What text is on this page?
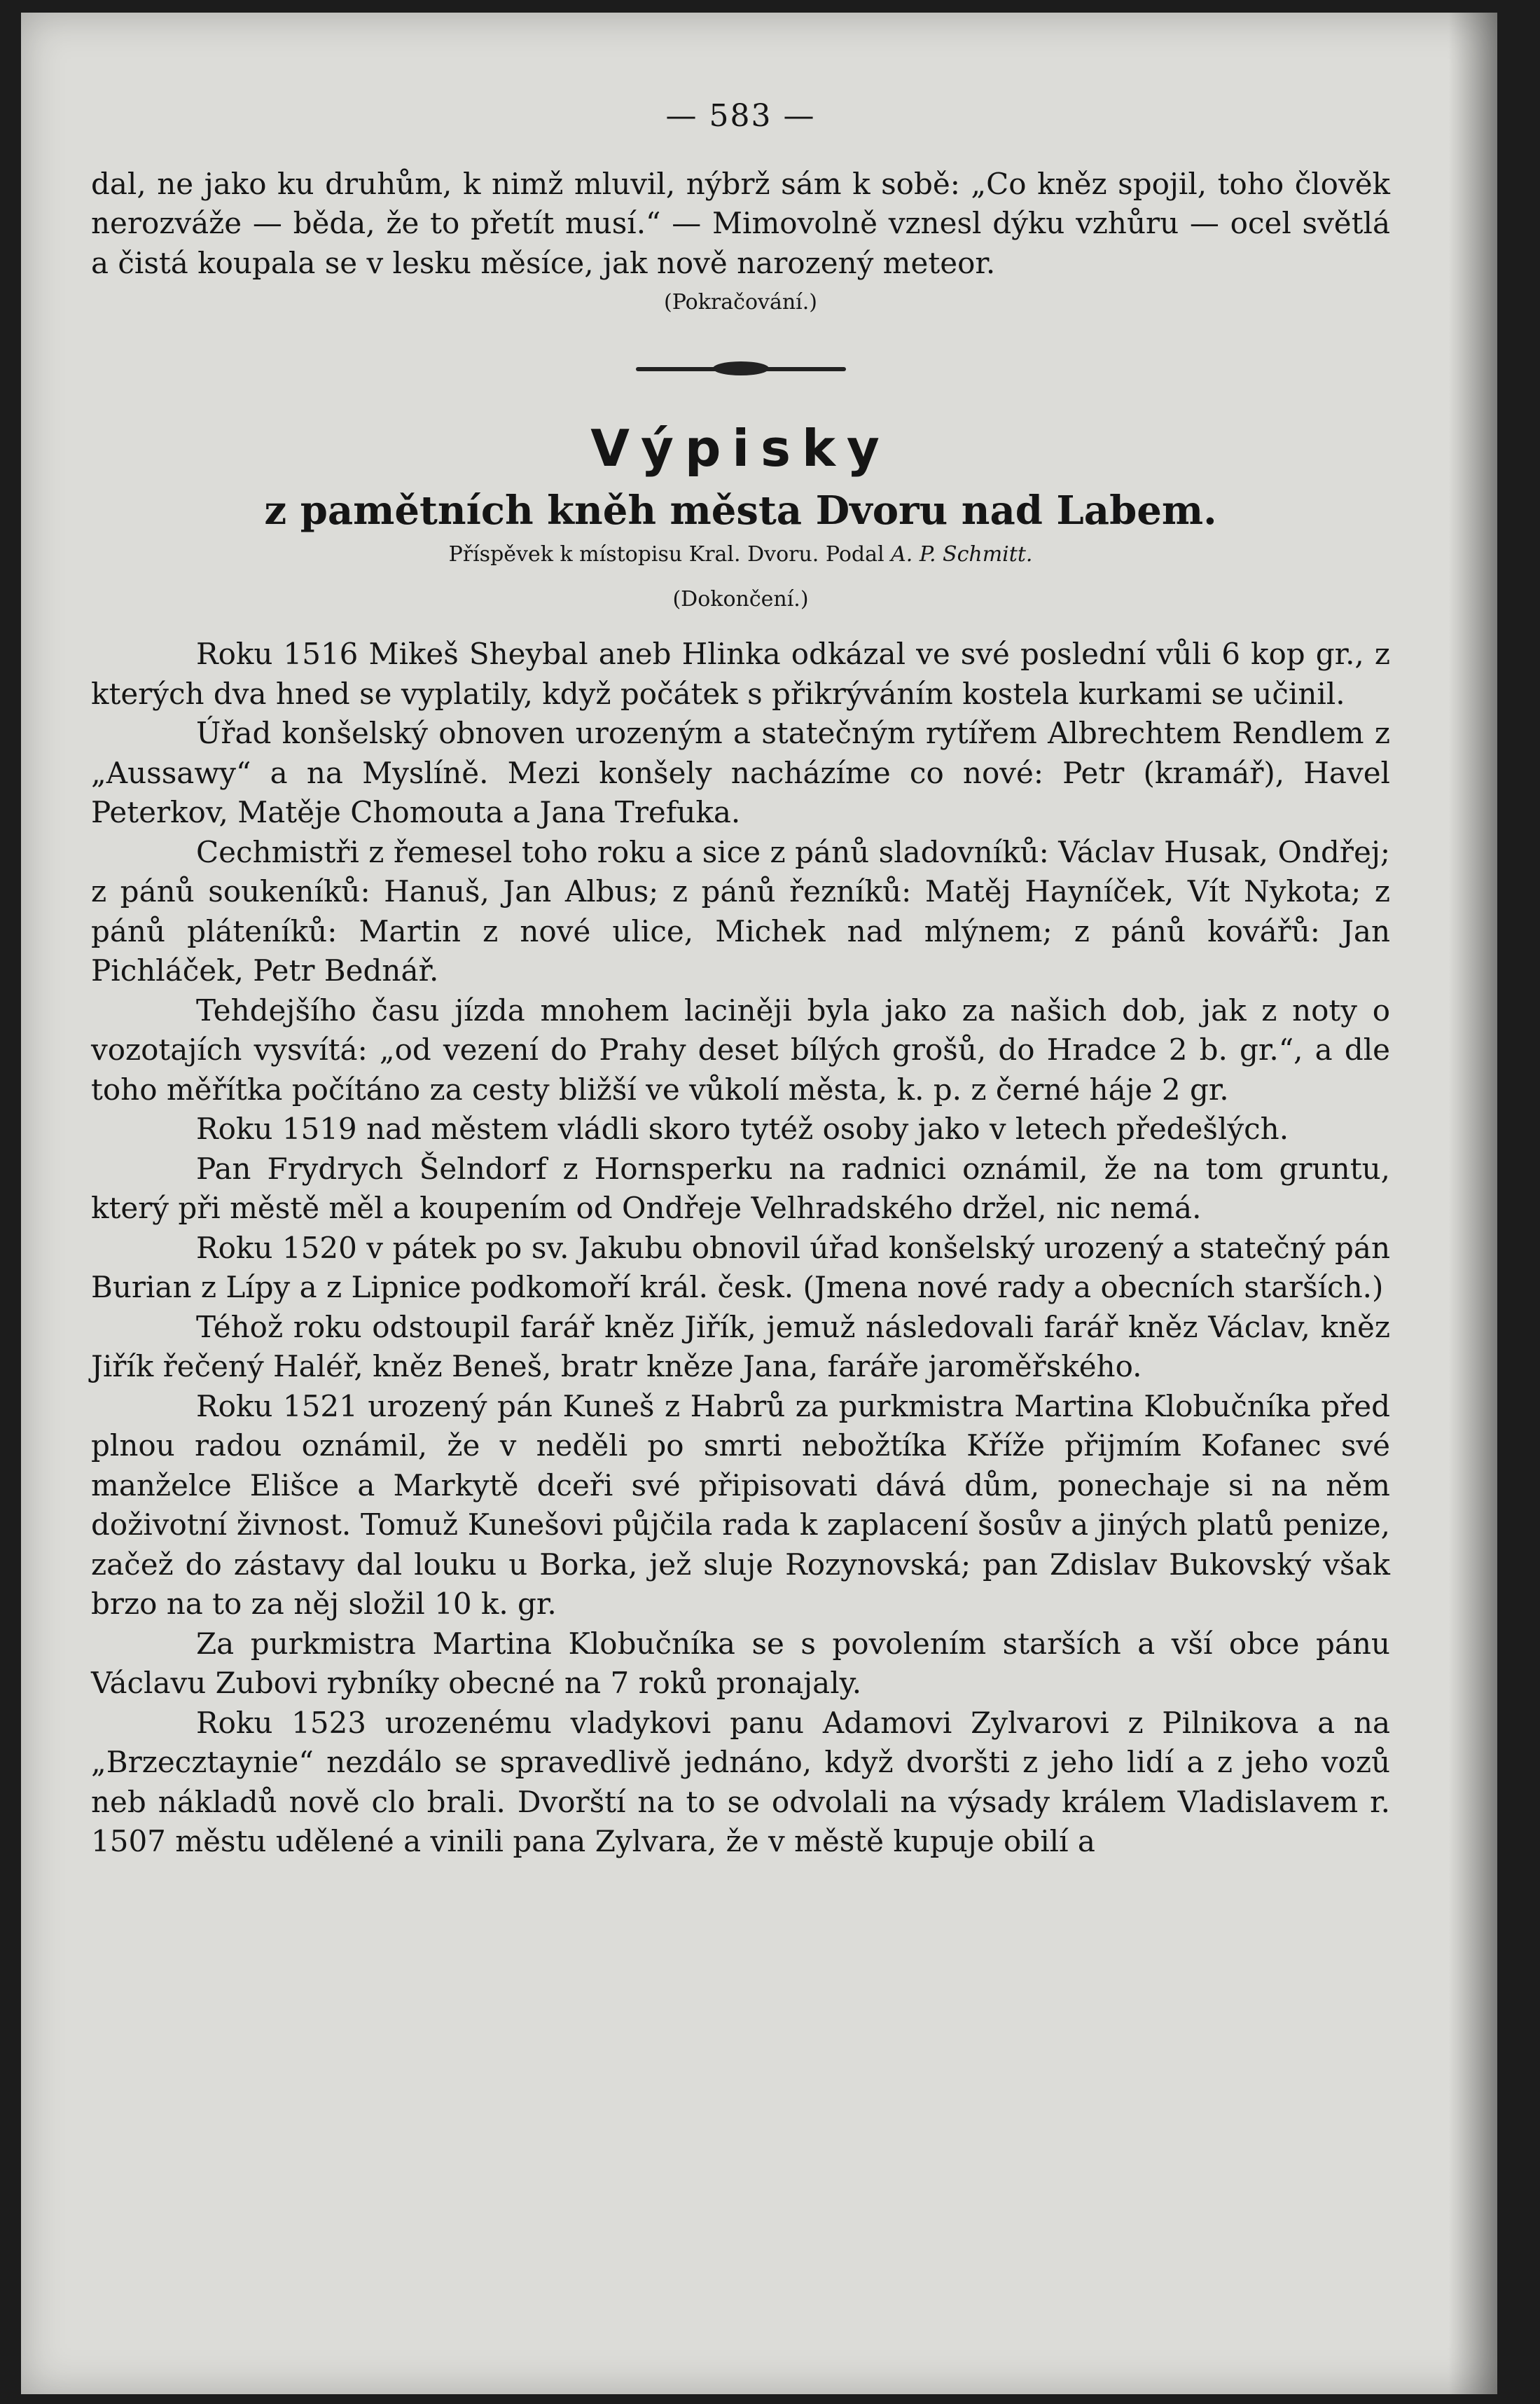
— 583 —

dal, ne jako ku druhům, k nimž mluvil, nýbrž sám k sobě: „Co kněz spojil, toho člověk nerozváže — běda, že to přetít musí.“ — Mimovolně vznesl dýku vzhůru — ocel světlá a čistá koupala se v lesku měsíce, jak nově narozený meteor.

(Pokračování.)
Výpisky
z pamětních kněh města Dvoru nad Labem.
Příspěvek k místopisu Kral. Dvoru. Podal A. P. Schmitt.
(Dokončení.)

Roku 1516 Mikeš Sheybal aneb Hlinka odkázal ve své poslední vůli 6 kop gr., z kterých dva hned se vyplatily, když počátek s přikrýváním kostela kurkami se učinil.

Úřad konšelský obnoven urozeným a statečným rytířem Albrechtem Rendlem z „Aussawy“ a na Myslíně. Mezi konšely nacházíme co nové: Petr (kramář), Havel Peterkov, Matěje Chomouta a Jana Trefuka.

Cechmistři z řemesel toho roku a sice z pánů sladovníků: Václav Husak, Ondřej; z pánů soukeníků: Hanuš, Jan Albus; z pánů řezníků: Matěj Hayníček, Vít Nykota; z pánů pláteníků: Martin z nové ulice, Michek nad mlýnem; z pánů kovářů: Jan Pichláček, Petr Bednář.

Tehdejšího času jízda mnohem laciněji byla jako za našich dob, jak z noty o vozotajích vysvítá: „od vezení do Prahy deset bílých grošů, do Hradce 2 b. gr.“, a dle toho měřítka počítáno za cesty bližší ve vůkolí města, k. p. z černé háje 2 gr.

Roku 1519 nad městem vládli skoro tytéž osoby jako v letech předešlých.

Pan Frydrych Šelndorf z Hornsperku na radnici oznámil, že na tom gruntu, který při městě měl a koupením od Ondřeje Velhradského držel, nic nemá.

Roku 1520 v pátek po sv. Jakubu obnovil úřad konšelský urozený a statečný pán Burian z Lípy a z Lipnice podkomoří král. česk. (Jmena nové rady a obecních starších.)

Téhož roku odstoupil farář kněz Jiřík, jemuž následovali farář kněz Václav, kněz Jiřík řečený Haléř, kněz Beneš, bratr kněze Jana, faráře jaroměřského.

Roku 1521 urozený pán Kuneš z Habrů za purkmistra Martina Klobučníka před plnou radou oznámil, že v neděli po smrti nebožtíka Kříže přijmím Kofanec své manželce Elišce a Markytě dceři své připisovati dává dům, ponechaje si na něm doživotní živnost. Tomuž Kunešovi půjčila rada k zaplacení šosův a jiných platů penize, začež do zástavy dal louku u Borka, jež sluje Rozynovská; pan Zdislav Bukovský však brzo na to za něj složil 10 k. gr.

Za purkmistra Martina Klobučníka se s povolením starších a vší obce pánu Václavu Zubovi rybníky obecné na 7 roků pronajaly.

Roku 1523 urozenému vladykovi panu Adamovi Zylvarovi z Pilnikova a na „Brzecztaynie“ nezdálo se spravedlivě jednáno, když dvoršti z jeho lidí a z jeho vozů neb nákladů nově clo brali. Dvorští na to se odvolali na výsady králem Vladislavem r. 1507 městu udělené a vinili pana Zylvara, že v městě kupuje obilí a
